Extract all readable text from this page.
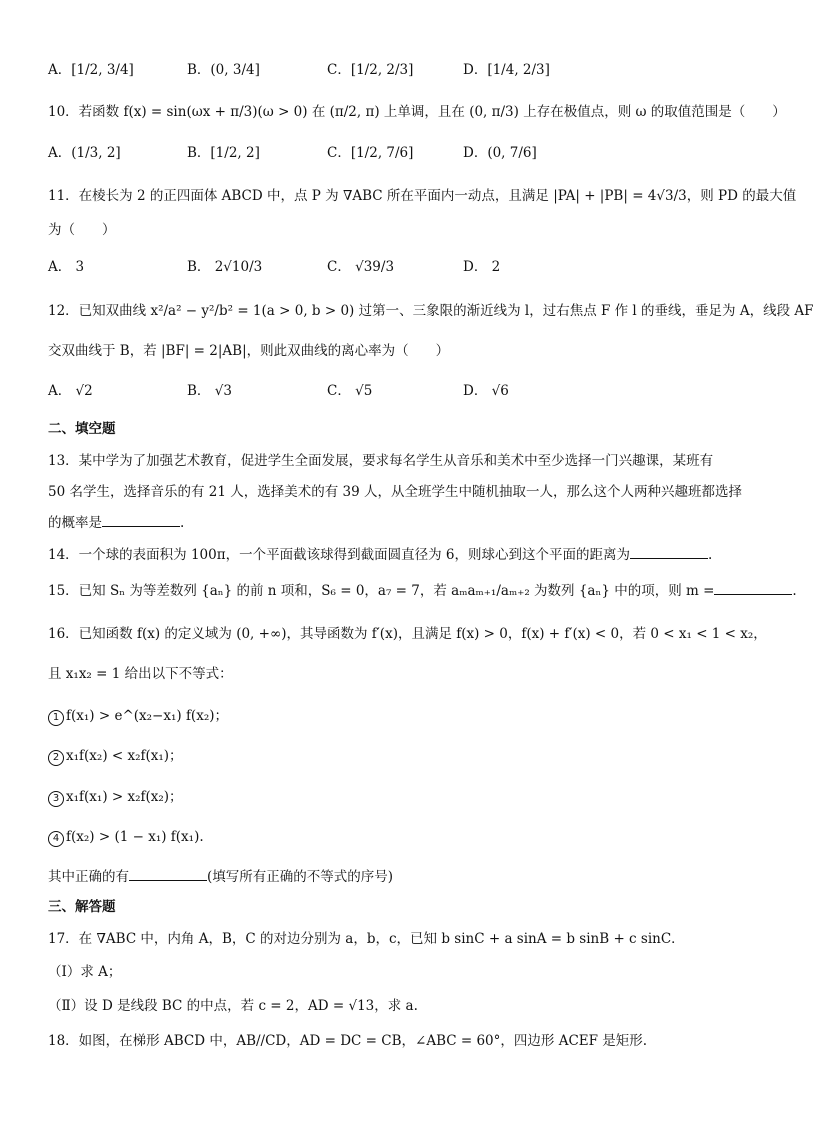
A．[1/2, 3/4]	B．(0, 3/4]	C．[1/2, 2/3]	D．[1/4, 2/3]
10．若函数 f(x) = sin(ωx + π/3)(ω > 0) 在 (π/2, π) 上单调，且在 (0, π/3) 上存在极值点，则 ω 的取值范围是（　　）
A．(1/3, 2]	B．[1/2, 2]	C．[1/2, 7/6]	D．(0, 7/6]
11．在棱长为 2 的正四面体 ABCD 中，点 P 为 ∇ABC 所在平面内一动点，且满足 |PA| + |PB| = 4√3/3，则 PD 的最大值
为（　　）
A． 3	B． 2√10/3	C． √39/3	D． 2
12．已知双曲线 x²/a² − y²/b² = 1(a > 0, b > 0) 过第一、三象限的渐近线为 l，过右焦点 F 作 l 的垂线，垂足为 A，线段 AF
交双曲线于 B，若 |BF| = 2|AB|，则此双曲线的离心率为（　　）
A． √2	B． √3	C． √5	D． √6
二、填空题
13．某中学为了加强艺术教育，促进学生全面发展，要求每名学生从音乐和美术中至少选择一门兴趣课，某班有
50 名学生，选择音乐的有 21 人，选择美术的有 39 人，从全班学生中随机抽取一人，那么这个人两种兴趣班都选择
的概率是	.
14．一个球的表面积为 100π，一个平面截该球得到截面圆直径为 6，则球心到这个平面的距离为	.
15．已知 Sₙ 为等差数列 {aₙ} 的前 n 项和，S₆ = 0，a₇ = 7，若 aₘaₘ₊₁/aₘ₊₂ 为数列 {aₙ} 中的项，则 m =	.
16．已知函数 f(x) 的定义域为 (0, +∞)，其导函数为 f′(x)，且满足 f(x) > 0，f(x) + f′(x) < 0，若 0 < x₁ < 1 < x₂，
且 x₁x₂ = 1 给出以下不等式：
1 f(x₁) > e^(x₂−x₁) f(x₂)；
2 x₁f(x₂) < x₂f(x₁)；
3 x₁f(x₁) > x₂f(x₂)；
4 f(x₂) > (1 − x₁) f(x₁).
其中正确的有	(填写所有正确的不等式的序号)
三、解答题
17．在 ∇ABC 中，内角 A，B，C 的对边分别为 a，b，c，已知 b sinC + a sinA = b sinB + c sinC．
（Ⅰ）求 A；
（Ⅱ）设 D 是线段 BC 的中点，若 c = 2，AD = √13，求 a.
18．如图，在梯形 ABCD 中，AB//CD，AD = DC = CB，∠ABC = 60°，四边形 ACEF 是矩形.
